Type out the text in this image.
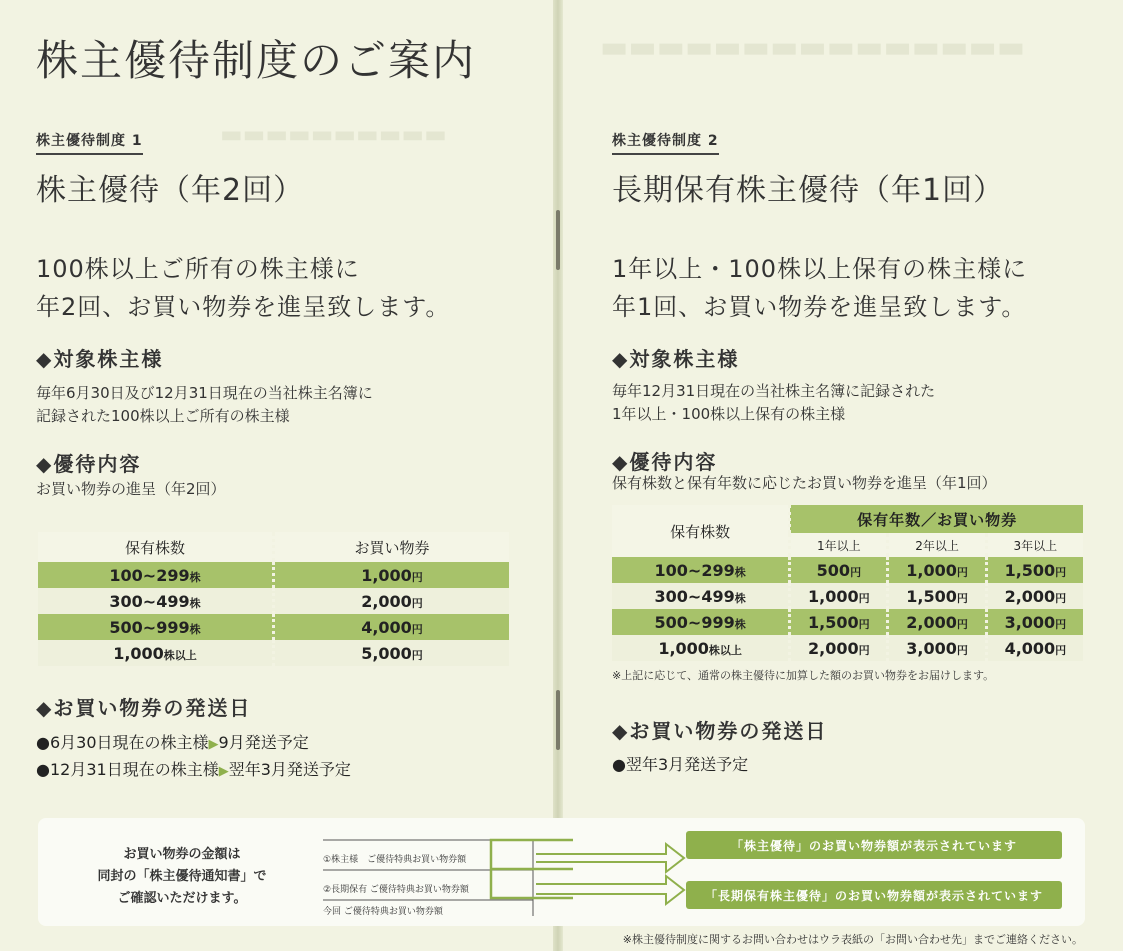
▬▬▬▬▬▬▬▬▬▬▬▬▬▬▬
▬▬▬▬▬▬▬▬▬▬
株主優待制度のご案内
株主優待制度 1
株主優待（年2回）
100株以上ご所有の株主様に
年2回、お買い物券を進呈致します。
◆対象株主様
毎年6月30日及び12月31日現在の当社株主名簿に
記録された100株以上ご所有の株主様
◆優待内容
お買い物券の進呈（年2回）
保有株数	お買い物券
100~299株	1,000円
300~499株	2,000円
500~999株	4,000円
1,000株以上	5,000円
◆お買い物券の発送日
●6月30日現在の株主様▶9月発送予定
●12月31日現在の株主様▶翌年3月発送予定
株主優待制度 2
長期保有株主優待（年1回）
1年以上・100株以上保有の株主様に
年1回、お買い物券を進呈致します。
◆対象株主様
毎年12月31日現在の当社株主名簿に記録された
1年以上・100株以上保有の株主様
◆優待内容
保有株数と保有年数に応じたお買い物券を進呈（年1回）
保有株数	保有年数／お買い物券		
	1年以上	2年以上	3年以上
100~299株	500円	1,000円	1,500円
300~499株	1,000円	1,500円	2,000円
500~999株	1,500円	2,000円	3,000円
1,000株以上	2,000円	3,000円	4,000円
※上記に応じて、通常の株主優待に加算した額のお買い物券をお届けします。
◆お買い物券の発送日
●翌年3月発送予定
お買い物券の金額は
同封の「株主優待通知書」で
ご確認いただけます。
①株主様　ご優待特典お買い物券額
②長期保有 ご優待特典お買い物券額
今回 ご優待特典お買い物券額
「株主優待」のお買い物券額が表示されています
「長期保有株主優待」のお買い物券額が表示されています
※株主優待制度に関するお問い合わせはウラ表紙の「お問い合わせ先」までご連絡ください。
